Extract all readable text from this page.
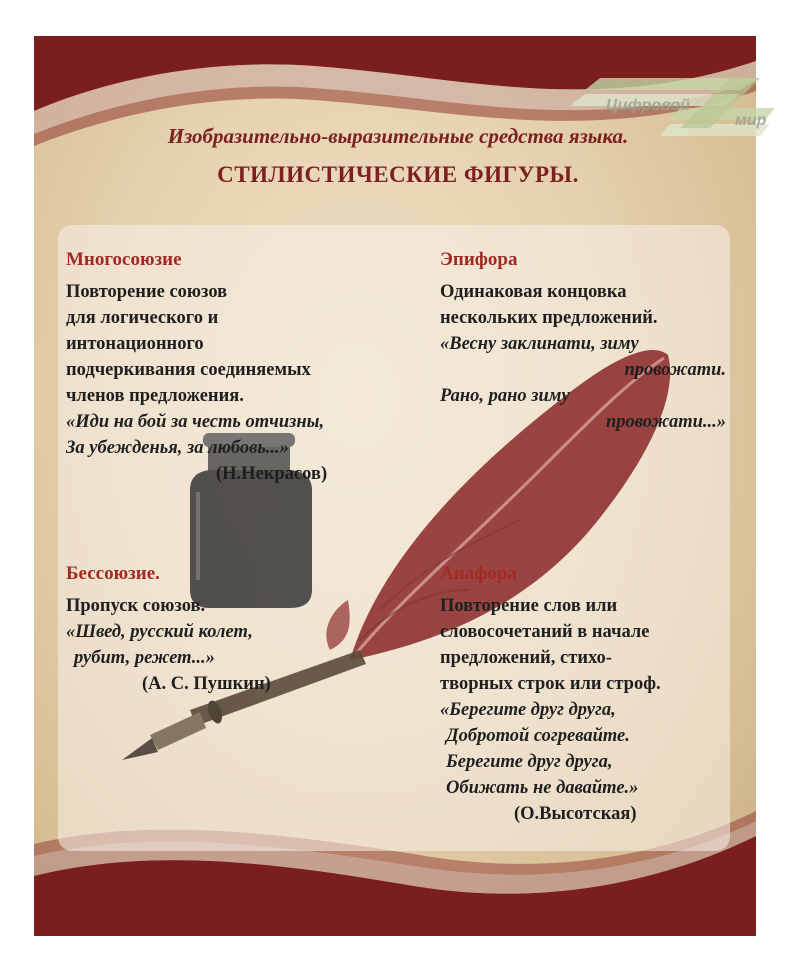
Цифровой
мир
Изобразительно-выразительные средства языка.
СТИЛИСТИЧЕСКИЕ ФИГУРЫ.
Многосоюзие
Повторение союзов
для логического и
интонационного
подчеркивания соединяемых
членов предложения.
«Иди на бой за честь отчизны,
За убежденья, за любовь...»
(Н.Некрасов)
Эпифора
Одинаковая концовка
нескольких предложений.
«Весну заклинати, зиму
провожати.
Рано, рано зиму
провожати...»
Бессоюзие.
Пропуск союзов.
«Швед, русский колет,
рубит, режет...»
(А. С. Пушкин)
Анафора
Повторение слов или
словосочетаний в начале
предложений, стихо-
творных строк или строф.
«Берегите друг друга,
Добротой согревайте.
Берегите друг друга,
Обижать не давайте.»
(О.Высотская)
